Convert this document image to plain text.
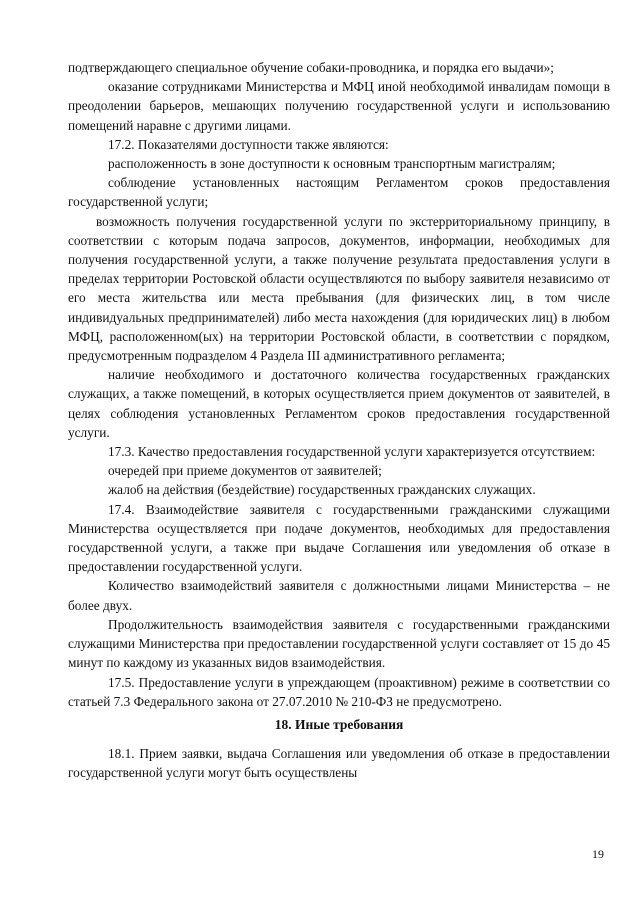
подтверждающего специальное обучение собаки-проводника, и порядка его выдачи»;

оказание сотрудниками Министерства и МФЦ иной необходимой инвалидам помощи в преодолении барьеров, мешающих получению государственной услуги и использованию помещений наравне с другими лицами.

17.2. Показателями доступности также являются:

расположенность в зоне доступности к основным транспортным магистралям;

соблюдение установленных настоящим Регламентом сроков предоставления государственной услуги;

возможность получения государственной услуги по экстерриториальному принципу, в соответствии с которым подача запросов, документов, информации, необходимых для получения государственной услуги, а также получение результата предоставления услуги в пределах территории Ростовской области осуществляются по выбору заявителя независимо от его места жительства или места пребывания (для физических лиц, в том числе индивидуальных предпринимателей) либо места нахождения (для юридических лиц) в любом МФЦ, расположенном(ых) на территории Ростовской области, в соответствии с порядком, предусмотренным подразделом 4 Раздела III административного регламента;

наличие необходимого и достаточного количества государственных гражданских служащих, а также помещений, в которых осуществляется прием документов от заявителей, в целях соблюдения установленных Регламентом сроков предоставления государственной услуги.

17.3. Качество предоставления государственной услуги характеризуется отсутствием:

очередей при приеме документов от заявителей;

жалоб на действия (бездействие) государственных гражданских служащих.

17.4. Взаимодействие заявителя с государственными гражданскими служащими Министерства осуществляется при подаче документов, необходимых для предоставления государственной услуги, а также при выдаче Соглашения или уведомления об отказе в предоставлении государственной услуги.

Количество взаимодействий заявителя с должностными лицами Министерства – не более двух.

Продолжительность взаимодействия заявителя с государственными гражданскими служащими Министерства при предоставлении государственной услуги составляет от 15 до 45 минут по каждому из указанных видов взаимодействия.

17.5. Предоставление услуги в упреждающем (проактивном) режиме в соответствии со статьей 7.3 Федерального закона от 27.07.2010 № 210-ФЗ не предусмотрено.

18. Иные требования

18.1. Прием заявки, выдача Соглашения или уведомления об отказе в предоставлении государственной услуги могут быть осуществлены

19
